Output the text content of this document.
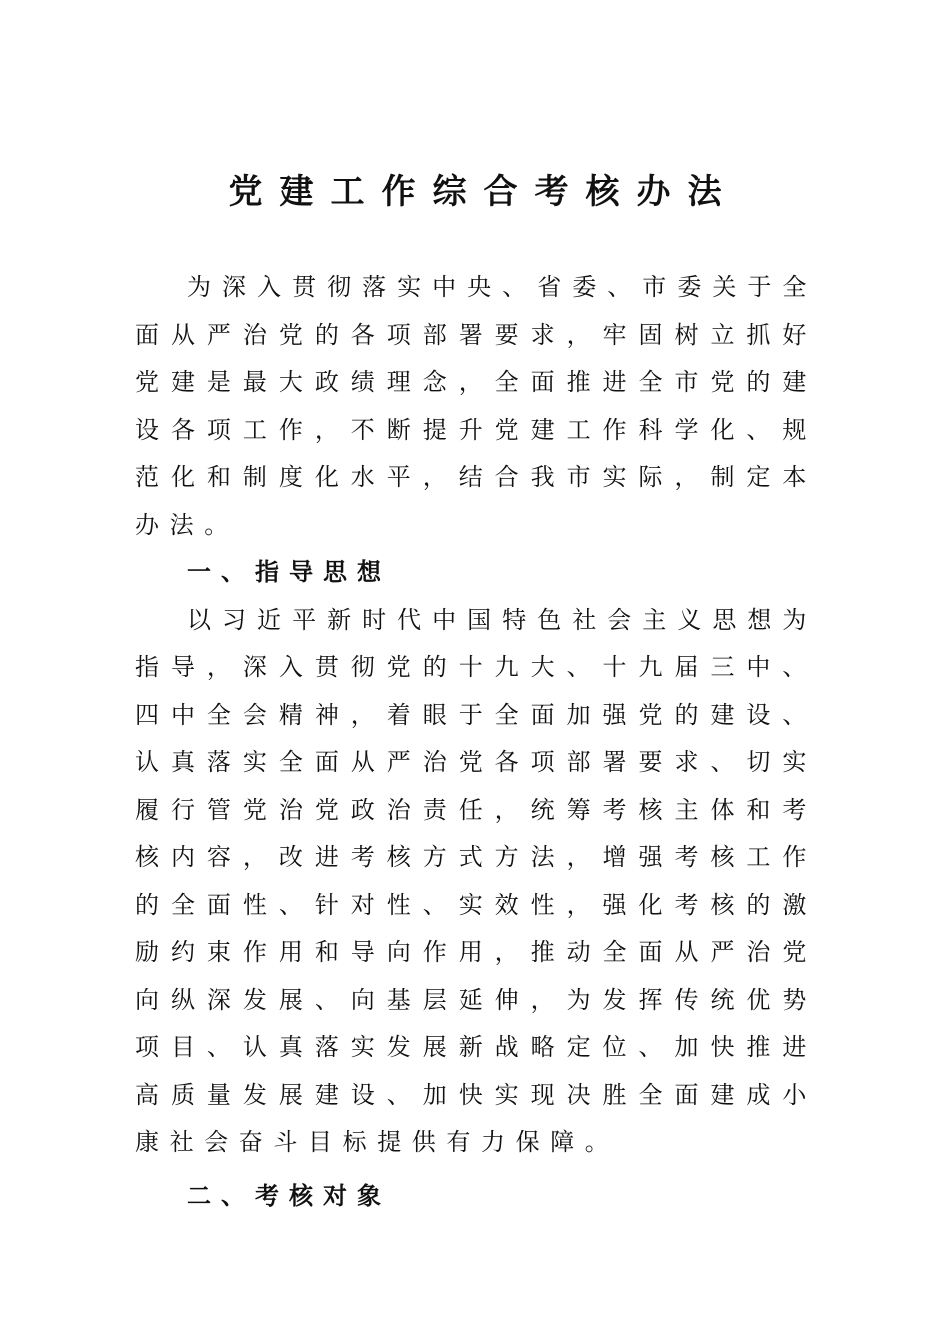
党建工作综合考核办法

为深入贯彻落实中央、省委、市委关于全面从严治党的各项部署要求，牢固树立抓好党建是最大政绩理念，全面推进全市党的建设各项工作，不断提升党建工作科学化、规范化和制度化水平，结合我市实际，制定本办法。

一、指导思想

以习近平新时代中国特色社会主义思想为指导，深入贯彻党的十九大、十九届三中、四中全会精神，着眼于全面加强党的建设、认真落实全面从严治党各项部署要求、切实履行管党治党政治责任，统筹考核主体和考核内容，改进考核方式方法，增强考核工作的全面性、针对性、实效性，强化考核的激励约束作用和导向作用，推动全面从严治党向纵深发展、向基层延伸，为发挥传统优势项目、认真落实发展新战略定位、加快推进高质量发展建设、加快实现决胜全面建成小康社会奋斗目标提供有力保障。

二、考核对象
